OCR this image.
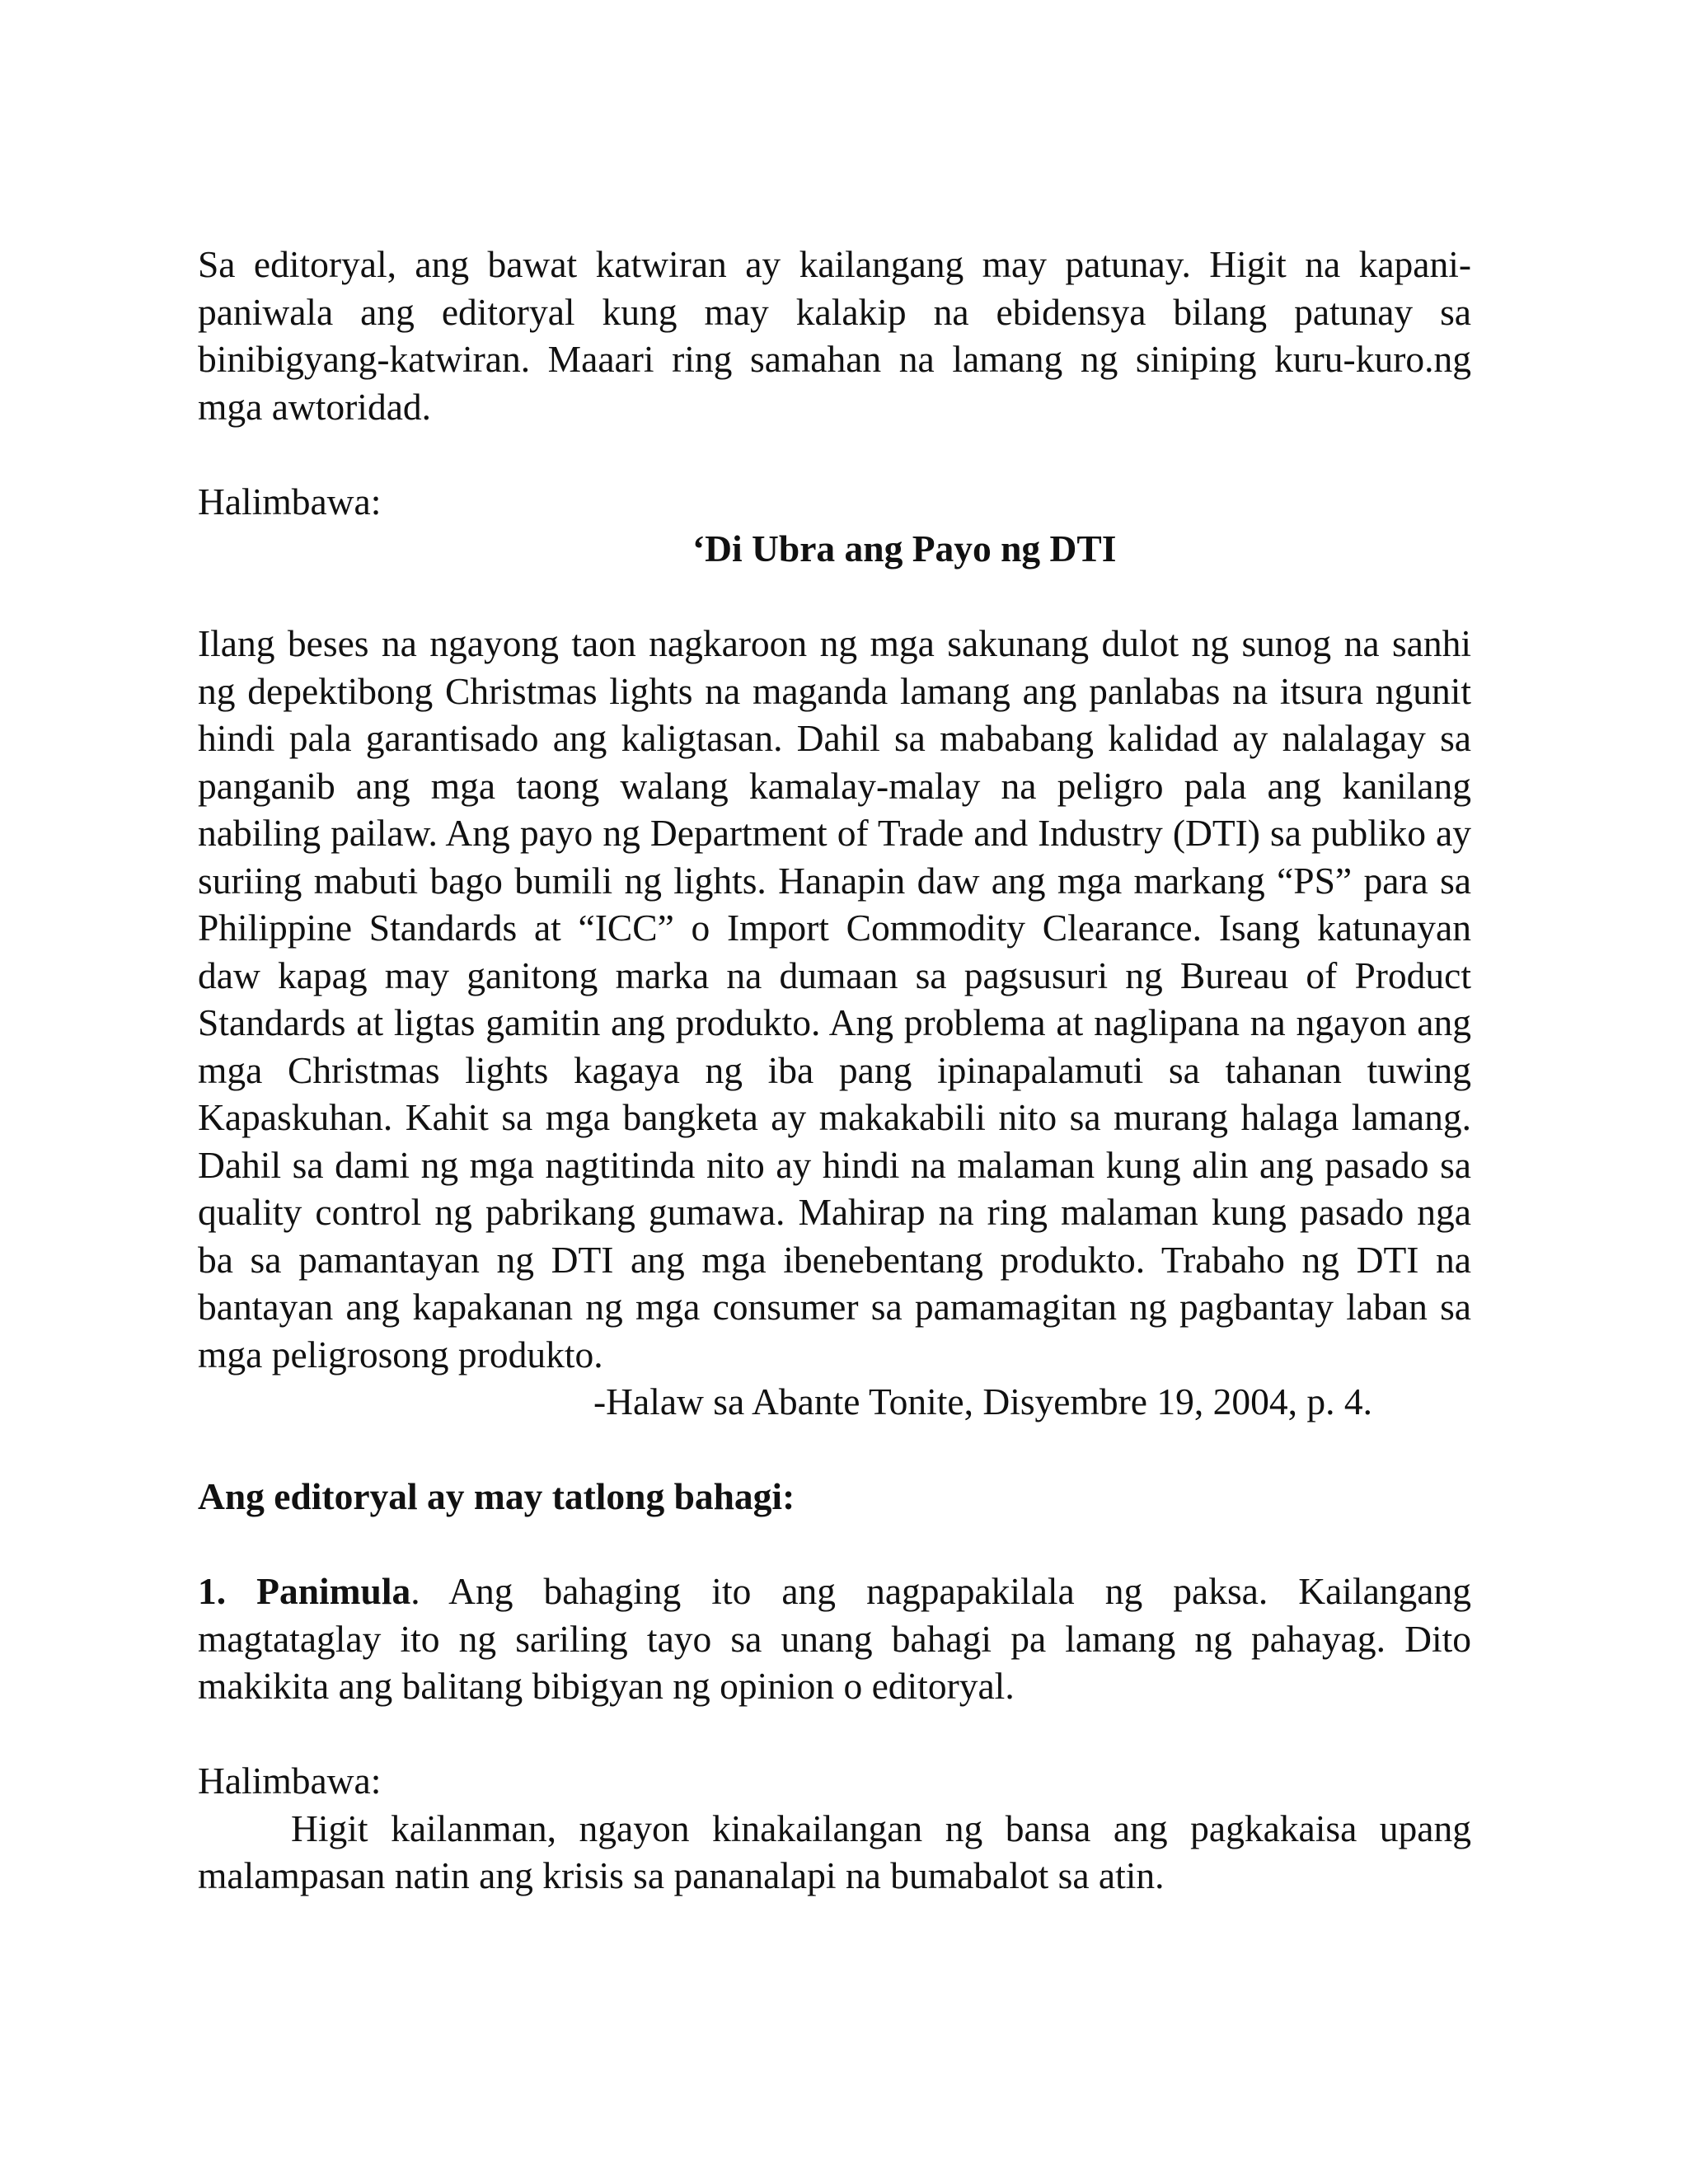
Sa editoryal, ang bawat katwiran ay kailangang may patunay. Higit na kapani-paniwala ang editoryal kung may kalakip na ebidensya bilang patunay sa binibigyang-katwiran. Maaari ring samahan na lamang ng siniping kuru-kuro.ng mga awtoridad.

Halimbawa:

‘Di Ubra ang Payo ng DTI

Ilang beses na ngayong taon nagkaroon ng mga sakunang dulot ng sunog na sanhi ng depektibong Christmas lights na maganda lamang ang panlabas na itsura ngunit hindi pala garantisado ang kaligtasan. Dahil sa mababang kalidad ay nalalagay sa panganib ang mga taong walang kamalay-malay na peligro pala ang kanilang nabiling pailaw. Ang payo ng Department of Trade and Industry (DTI) sa publiko ay suriing mabuti bago bumili ng lights. Hanapin daw ang mga markang “PS” para sa Philippine Standards at “ICC” o Import Commodity Clearance. Isang katunayan daw kapag may ganitong marka na dumaan sa pagsusuri ng Bureau of Product Standards at ligtas gamitin ang produkto. Ang problema at naglipana na ngayon ang mga Christmas lights kagaya ng iba pang ipinapalamuti sa tahanan tuwing Kapaskuhan. Kahit sa mga bangketa ay makakabili nito sa murang halaga lamang. Dahil sa dami ng mga nagtitinda nito ay hindi na malaman kung alin ang pasado sa quality control ng pabrikang gumawa. Mahirap na ring malaman kung pasado nga ba sa pamantayan ng DTI ang mga ibenebentang produkto. Trabaho ng DTI na bantayan ang kapakanan ng mga consumer sa pamamagitan ng pagbantay laban sa mga peligrosong produkto.

-Halaw sa Abante Tonite, Disyembre 19, 2004, p. 4.

Ang editoryal ay may tatlong bahagi:

1. Panimula. Ang bahaging ito ang nagpapakilala ng paksa. Kailangang magtataglay ito ng sariling tayo sa unang bahagi pa lamang ng pahayag. Dito makikita ang balitang bibigyan ng opinion o editoryal.

Halimbawa:

Higit kailanman, ngayon kinakailangan ng bansa ang pagkakaisa upang malampasan natin ang krisis sa pananalapi na bumabalot sa atin.
